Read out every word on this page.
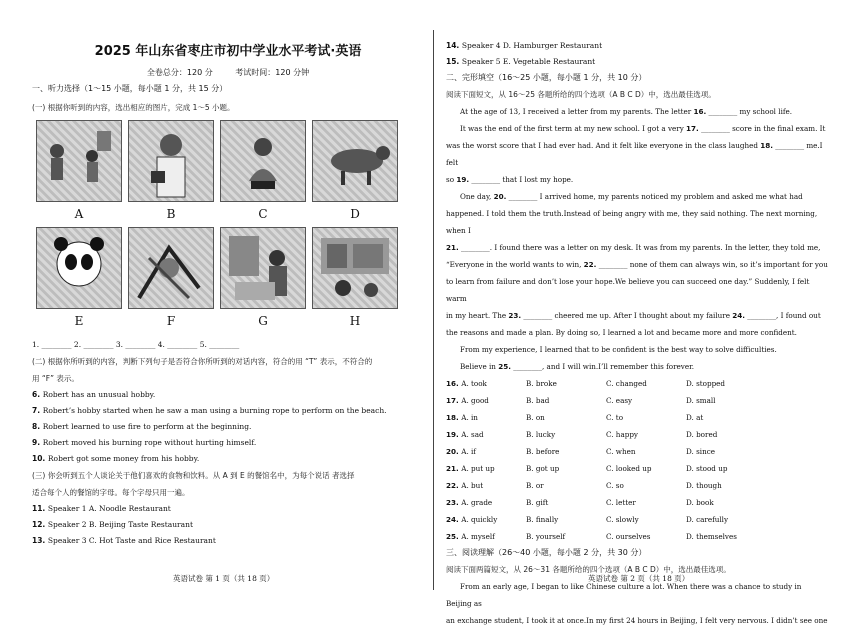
2025 年山东省枣庄市初中学业水平考试·英语
全卷总分：120 分	考试时间：120 分钟
一、听力选择（1～15 小题，每小题 1 分，共 15 分）
(一) 根据你听到的内容，选出相应的图片，完成 1～5 小题。
A	B	C	D
E	F	G	H
1. ________ 2. ________ 3. ________ 4. ________ 5. ________
(二) 根据你所听到的内容，判断下列句子是否符合你所听到的对话内容，符合的用 “T” 表示，不符合的
用 “F” 表示。
6. Robert has an unusual hobby.
7. Robert’s hobby started when he saw a man using a burning rope to perform on the beach.
8. Robert learned to use fire to perform at the beginning.
9. Robert moved his burning rope without hurting himself.
10. Robert got some money from his hobby.
(三) 你会听到五个人谈论关于他们喜欢的食物和饮料。从 A 到 E 的餐馆名中，为每个说话 者选择
适合每个人的餐馆的字母。每个字母只用一遍。
11. Speaker 1 A. Noodle Restaurant
12. Speaker 2 B. Beijing Taste Restaurant
13. Speaker 3 C. Hot Taste and Rice Restaurant
14. Speaker 4 D. Hamburger Restaurant
15. Speaker 5 E. Vegetable Restaurant
二、完形填空（16～25 小题，每小题 1 分，共 10 分）
阅读下面短文，从 16～25 各题所给的四个选项（A B C D）中，选出最佳选项。
At the age of 13, I received a letter from my parents. The letter 16. ________ my school life.
It was the end of the first term at my new school. I got a very 17. ________ score in the final exam. It
was the worst score that I had ever had. And it felt like everyone in the class laughed 18. ________ me.I felt
so 19. ________ that I lost my hope.
One day, 20. ________ I arrived home, my parents noticed my problem and asked me what had
happened. I told them the truth.Instead of being angry with me, they said nothing. The next morning, when I
21. ________. I found there was a letter on my desk. It was from my parents. In the letter, they told me,
“Everyone in the world wants to win, 22. ________ none of them can always win, so it’s important for you
to learn from failure and don’t lose your hope.We believe you can succeed one day.” Suddenly, I felt warm
in my heart. The 23. ________ cheered me up. After I thought about my failure 24. ________, I found out
the reasons and made a plan. By doing so, I learned a lot and became more and more confident.
From my experience, I learned that to be confident is the best way to solve difficulties.
Believe in 25. ________, and I will win.I’ll remember this forever.
16. A. took	B. broke	C. changed	D. stopped
17. A. good	B. bad	C. easy	D. small
18. A. in	B. on	C. to	D. at
19. A. sad	B. lucky	C. happy	D. bored
20. A. if	B. before	C. when	D. since
21. A. put up	B. got up	C. looked up	D. stood up
22. A. but	B. or	C. so	D. though
23. A. grade	B. gift	C. letter	D. book
24. A. quickly	B. finally	C. slowly	D. carefully
25. A. myself	B. yourself	C. ourselves	D. themselves
三、阅读理解（26～40 小题，每小题 2 分，共 30 分）
阅读下面两篇短文，从 26～31 各题所给的四个选项（A B C D）中，选出最佳选项。
From an early age, I began to like Chinese culture a lot. When there was a chance to study in Beijing as
an exchange student, I took it at once.In my first 24 hours in Beijing, I felt very nervous. I didn’t see one
英语试卷 第 1 页（共 18 页）	英语试卷 第 2 页（共 18 页）
